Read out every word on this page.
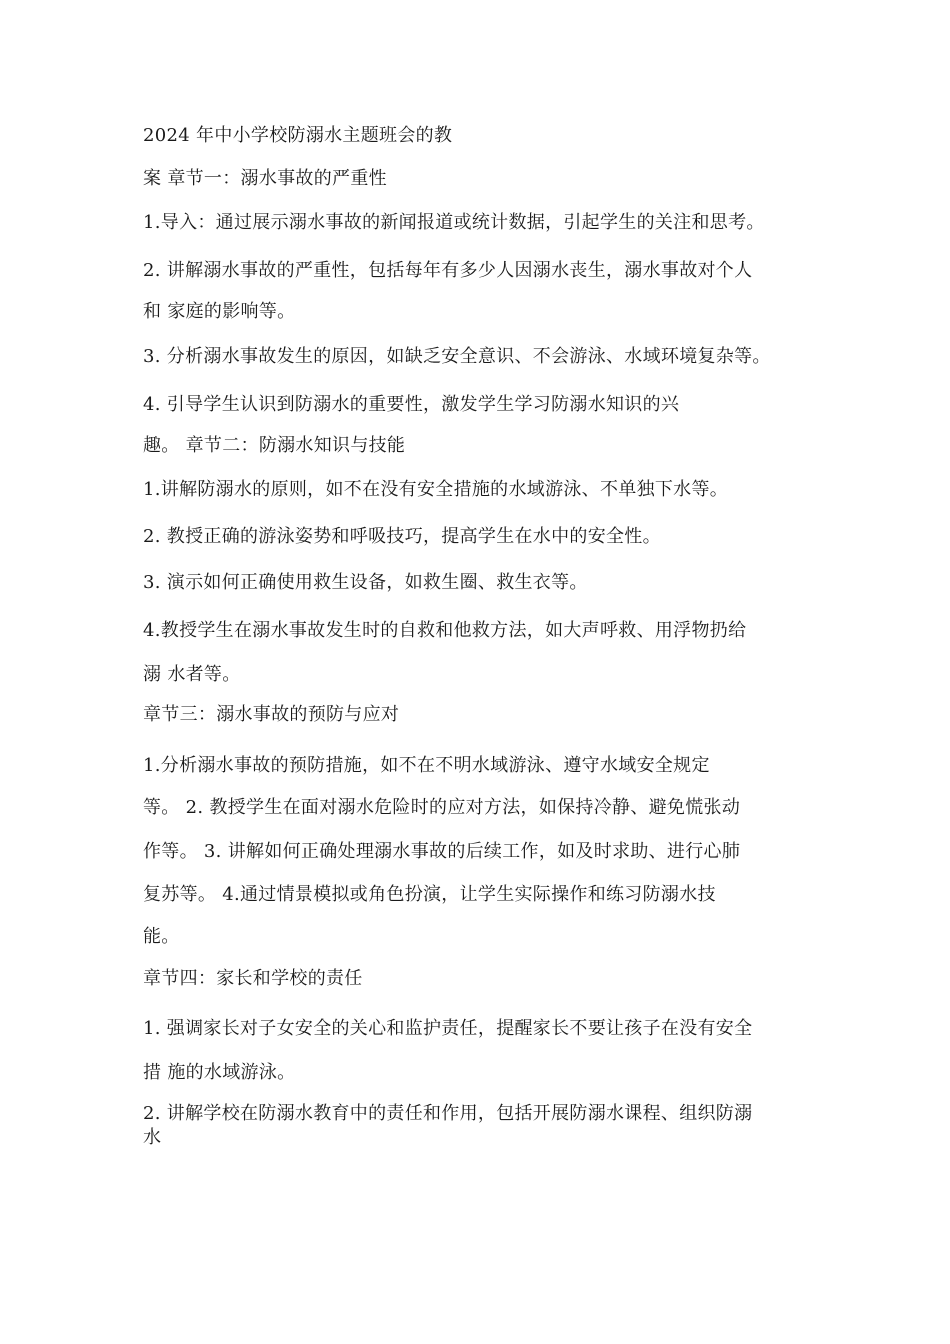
2024 年中小学校防溺水主题班会的教
案 章节一：溺水事故的严重性
1.导入：通过展示溺水事故的新闻报道或统计数据，引起学生的关注和思考。
2. 讲解溺水事故的严重性，包括每年有多少人因溺水丧生，溺水事故对个人
和 家庭的影响等。
3. 分析溺水事故发生的原因，如缺乏安全意识、不会游泳、水域环境复杂等。
4. 引导学生认识到防溺水的重要性，激发学生学习防溺水知识的兴
趣。 章节二：防溺水知识与技能
1.讲解防溺水的原则，如不在没有安全措施的水域游泳、不单独下水等。
2. 教授正确的游泳姿势和呼吸技巧，提高学生在水中的安全性。
3. 演示如何正确使用救生设备，如救生圈、救生衣等。
4.教授学生在溺水事故发生时的自救和他救方法，如大声呼救、用浮物扔给
溺 水者等。
章节三：溺水事故的预防与应对
1.分析溺水事故的预防措施，如不在不明水域游泳、遵守水域安全规定
等。 2. 教授学生在面对溺水危险时的应对方法，如保持冷静、避免慌张动
作等。 3. 讲解如何正确处理溺水事故的后续工作，如及时求助、进行心肺
复苏等。 4.通过情景模拟或角色扮演，让学生实际操作和练习防溺水技
能。
章节四：家长和学校的责任
1. 强调家长对子女安全的关心和监护责任，提醒家长不要让孩子在没有安全
措 施的水域游泳。
2. 讲解学校在防溺水教育中的责任和作用，包括开展防溺水课程、组织防溺
水
